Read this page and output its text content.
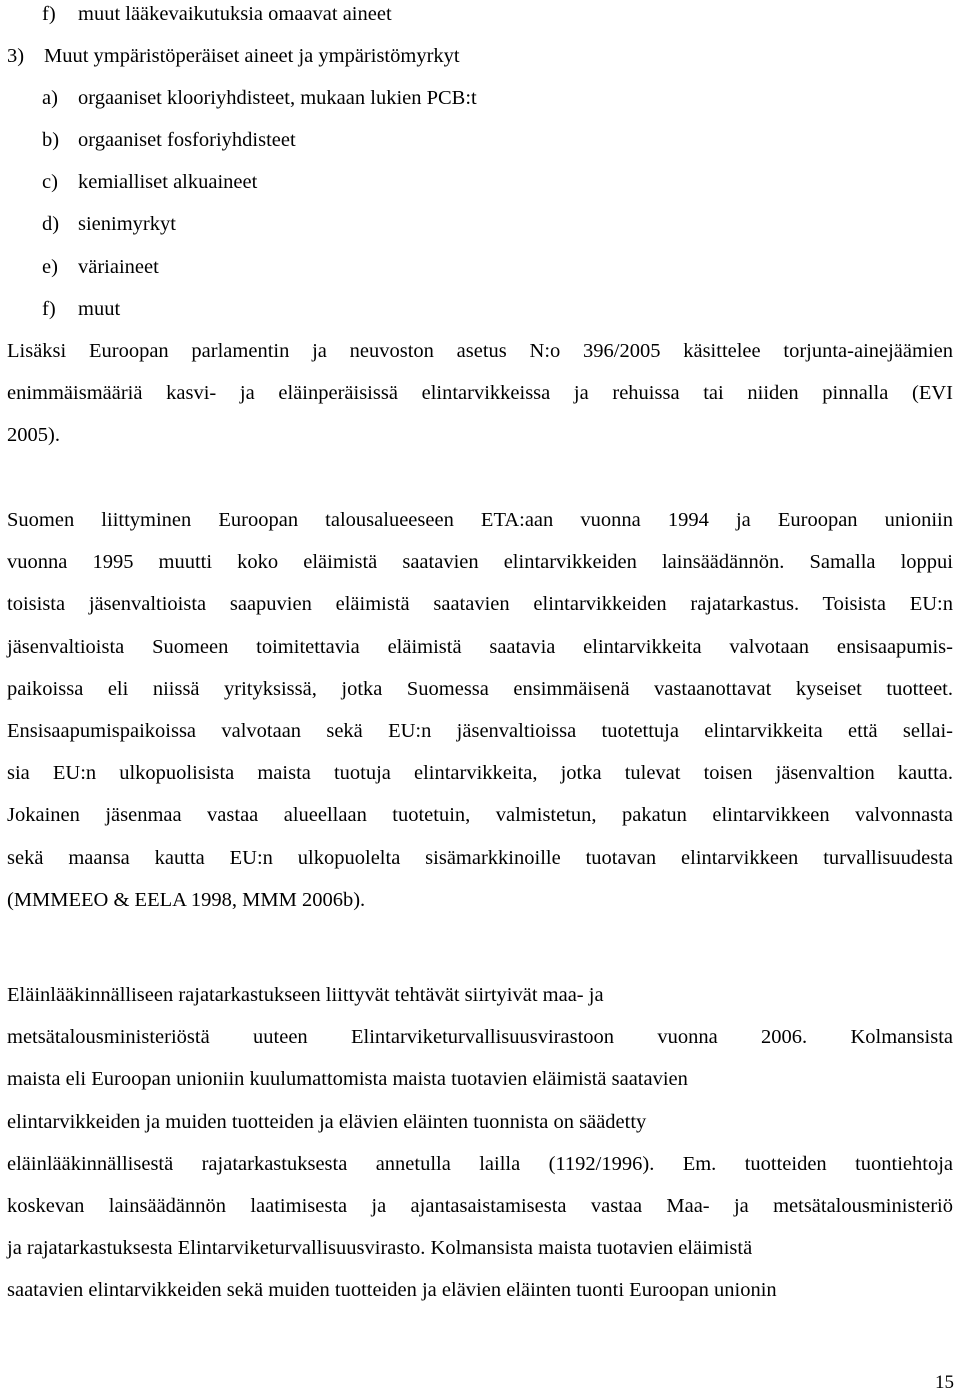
f) muut lääkevaikutuksia omaavat aineet
3) Muut ympäristöperäiset aineet ja ympäristömyrkyt
a) orgaaniset klooriyhdisteet, mukaan lukien PCB:t
b) orgaaniset fosforiyhdisteet
c) kemialliset alkuaineet
d) sienimyrkyt
e) väriaineet
f) muut
Lisäksi Euroopan parlamentin ja neuvoston asetus N:o 396/2005 käsittelee torjunta-ainejäämien
enimmäismääriä kasvi- ja eläinperäisissä elintarvikkeissa ja rehuissa tai niiden pinnalla (EVI
2005).
Suomen liittyminen Euroopan talousalueeseen ETA:aan vuonna 1994 ja Euroopan unioniin
vuonna 1995 muutti koko eläimistä saatavien elintarvikkeiden lainsäädännön. Samalla loppui
toisista jäsenvaltioista saapuvien eläimistä saatavien elintarvikkeiden rajatarkastus. Toisista EU:n
jäsenvaltioista Suomeen toimitettavia eläimistä saatavia elintarvikkeita valvotaan ensisaapumis-
paikoissa eli niissä yrityksissä, jotka Suomessa ensimmäisenä vastaanottavat kyseiset tuotteet.
Ensisaapumispaikoissa valvotaan sekä EU:n jäsenvaltioissa tuotettuja elintarvikkeita että sellai-
sia EU:n ulkopuolisista maista tuotuja elintarvikkeita, jotka tulevat toisen jäsenvaltion kautta.
Jokainen jäsenmaa vastaa alueellaan tuotetuin, valmistetun, pakatun elintarvikkeen valvonnasta
sekä maansa kautta EU:n ulkopuolelta sisämarkkinoille tuotavan elintarvikkeen turvallisuudesta
(MMMEEO & EELA 1998, MMM 2006b).
Eläinlääkinnälliseen rajatarkastukseen liittyvät tehtävät siirtyivät maa- ja
metsätalousministeriöstä uuteen Elintarviketurvallisuusvirastoon vuonna 2006. Kolmansista
maista eli Euroopan unioniin kuulumattomista maista tuotavien eläimistä saatavien
elintarvikkeiden ja muiden tuotteiden ja elävien eläinten tuonnista on säädetty
eläinlääkinnällisestä rajatarkastuksesta annetulla lailla (1192/1996). Em. tuotteiden tuontiehtoja
koskevan lainsäädännön laatimisesta ja ajantasaistamisesta vastaa Maa- ja metsätalousministeriö
ja rajatarkastuksesta Elintarviketurvallisuusvirasto. Kolmansista maista tuotavien eläimistä
saatavien elintarvikkeiden sekä muiden tuotteiden ja elävien eläinten tuonti Euroopan unionin
15
